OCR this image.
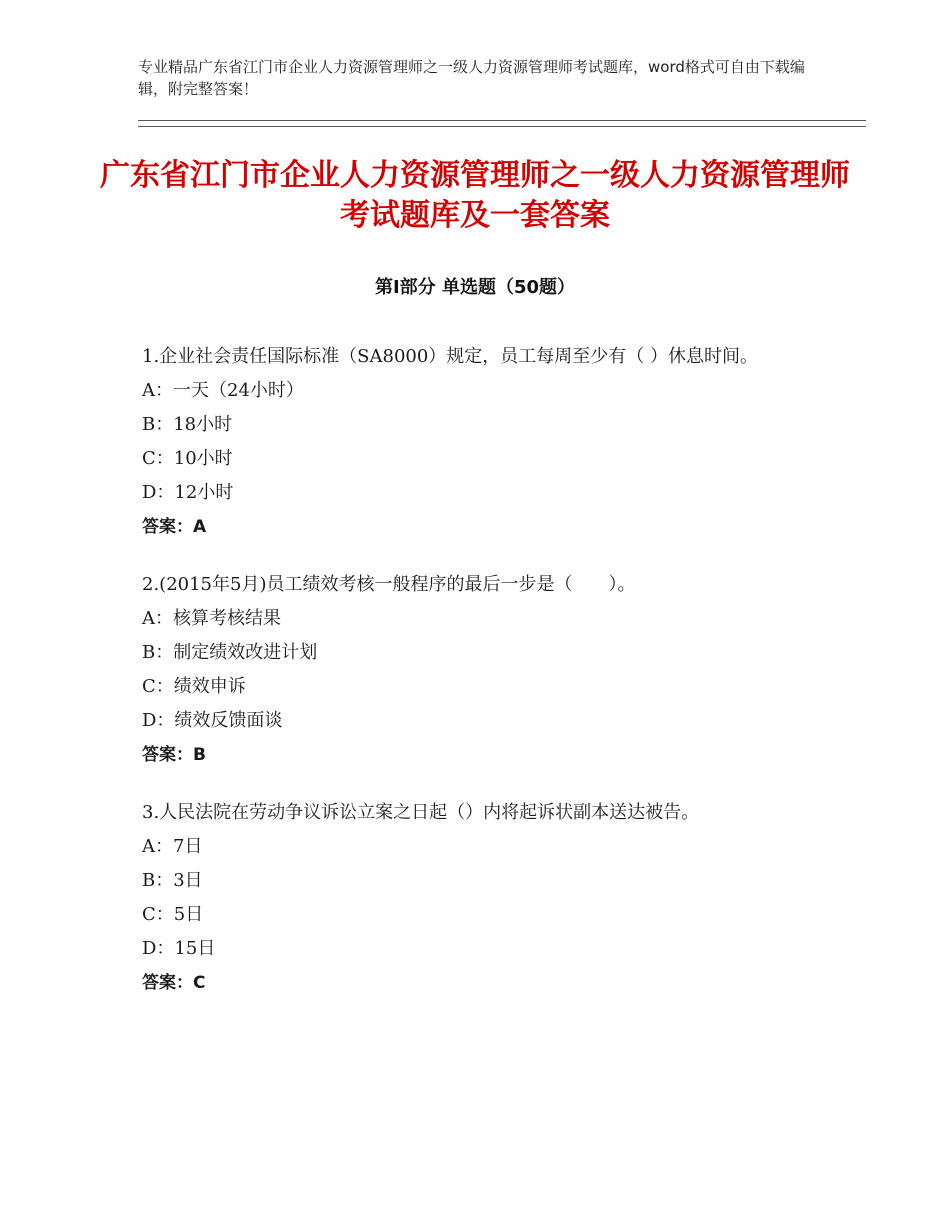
专业精品广东省江门市企业人力资源管理师之一级人力资源管理师考试题库，word格式可自由下载编辑，附完整答案！
广东省江门市企业人力资源管理师之一级人力资源管理师考试题库及一套答案
第Ⅰ部分 单选题（50题）

1.企业社会责任国际标准（SA8000）规定，员工每周至少有（ ）休息时间。

A：一天（24小时）

B：18小时

C：10小时

D：12小时

答案：A

2.(2015年5月)员工绩效考核一般程序的最后一步是（　　）。

A：核算考核结果

B：制定绩效改进计划

C：绩效申诉

D：绩效反馈面谈

答案：B

3.人民法院在劳动争议诉讼立案之日起（）内将起诉状副本送达被告。

A：7日

B：3日

C：5日

D：15日

答案：C
